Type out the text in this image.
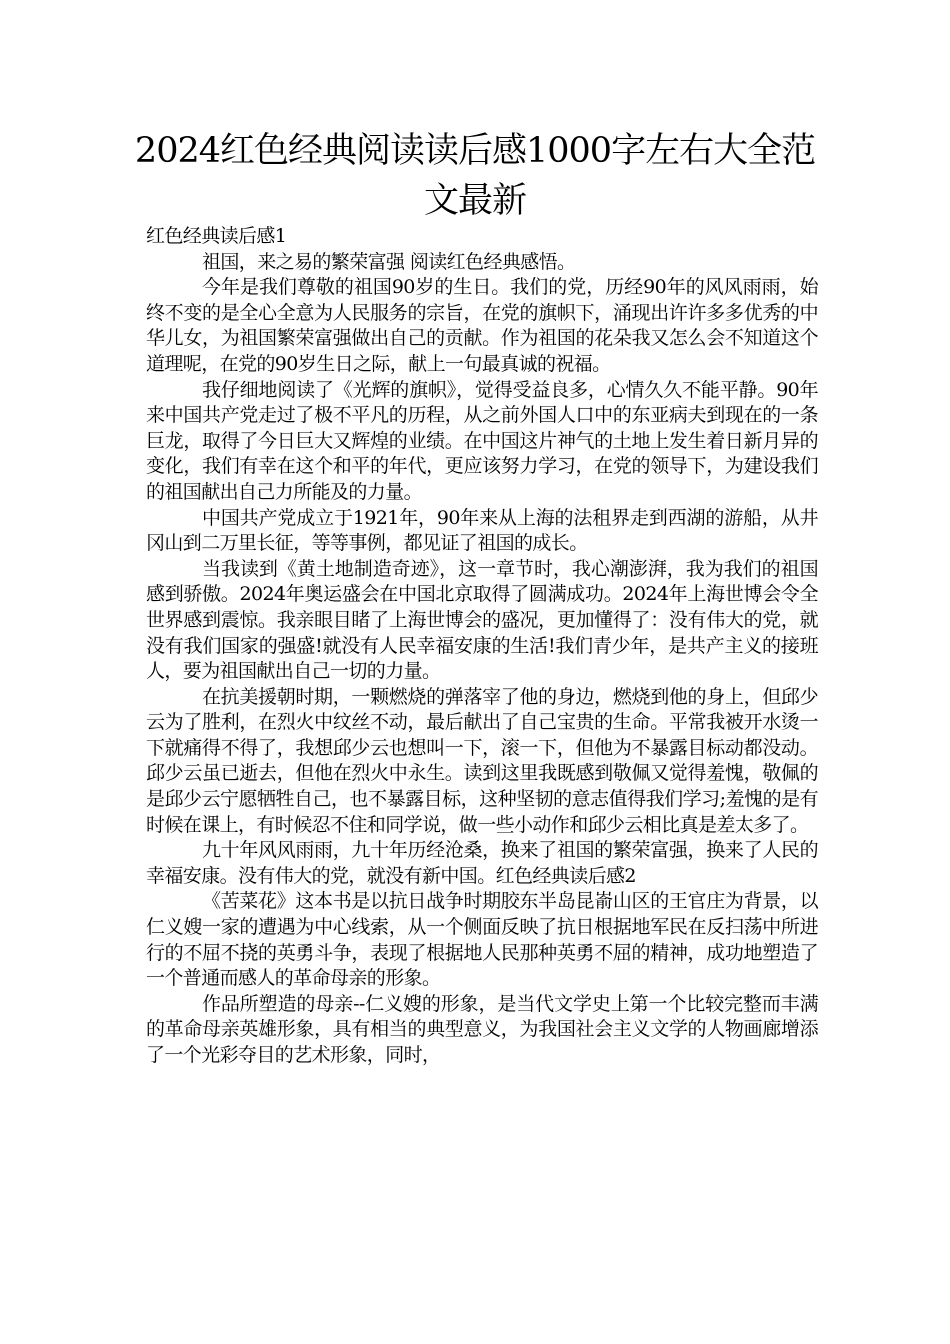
2024红色经典阅读读后感1000字左右大全范文最新

红色经典读后感1

祖国，来之易的繁荣富强 阅读红色经典感悟。

今年是我们尊敬的祖国90岁的生日。我们的党，历经90年的风风雨雨，始终不变的是全心全意为人民服务的宗旨，在党的旗帜下，涌现出许许多多优秀的中华儿女，为祖国繁荣富强做出自己的贡献。作为祖国的花朵我又怎么会不知道这个道理呢，在党的90岁生日之际，献上一句最真诚的祝福。

我仔细地阅读了《光辉的旗帜》，觉得受益良多，心情久久不能平静。90年来中国共产党走过了极不平凡的历程，从之前外国人口中的东亚病夫到现在的一条巨龙，取得了今日巨大又辉煌的业绩。在中国这片神气的土地上发生着日新月异的变化，我们有幸在这个和平的年代，更应该努力学习，在党的领导下，为建设我们的祖国献出自己力所能及的力量。

中国共产党成立于1921年，90年来从上海的法租界走到西湖的游船，从井冈山到二万里长征，等等事例，都见证了祖国的成长。

当我读到《黄土地制造奇迹》，这一章节时，我心潮澎湃，我为我们的祖国感到骄傲。2024年奥运盛会在中国北京取得了圆满成功。2024年上海世博会令全世界感到震惊。我亲眼目睹了上海世博会的盛况，更加懂得了：没有伟大的党，就没有我们国家的强盛!就没有人民幸福安康的生活!我们青少年，是共产主义的接班人，要为祖国献出自己一切的力量。

在抗美援朝时期，一颗燃烧的弹落宰了他的身边，燃烧到他的身上，但邱少云为了胜利，在烈火中纹丝不动，最后献出了自己宝贵的生命。平常我被开水烫一下就痛得不得了，我想邱少云也想叫一下，滚一下，但他为不暴露目标动都没动。邱少云虽已逝去，但他在烈火中永生。读到这里我既感到敬佩又觉得羞愧，敬佩的是邱少云宁愿牺牲自己，也不暴露目标，这种坚韧的意志值得我们学习;羞愧的是有时候在课上，有时候忍不住和同学说，做一些小动作和邱少云相比真是差太多了。

九十年风风雨雨，九十年历经沧桑，换来了祖国的繁荣富强，换来了人民的幸福安康。没有伟大的党，就没有新中国。红色经典读后感2

《苦菜花》这本书是以抗日战争时期胶东半岛昆嵛山区的王官庄为背景，以仁义嫂一家的遭遇为中心线索，从一个侧面反映了抗日根据地军民在反扫荡中所进行的不屈不挠的英勇斗争，表现了根据地人民那种英勇不屈的精神，成功地塑造了一个普通而感人的革命母亲的形象。

作品所塑造的母亲--仁义嫂的形象，是当代文学史上第一个比较完整而丰满的革命母亲英雄形象，具有相当的典型意义，为我国社会主义文学的人物画廊增添了一个光彩夺目的艺术形象，同时，
